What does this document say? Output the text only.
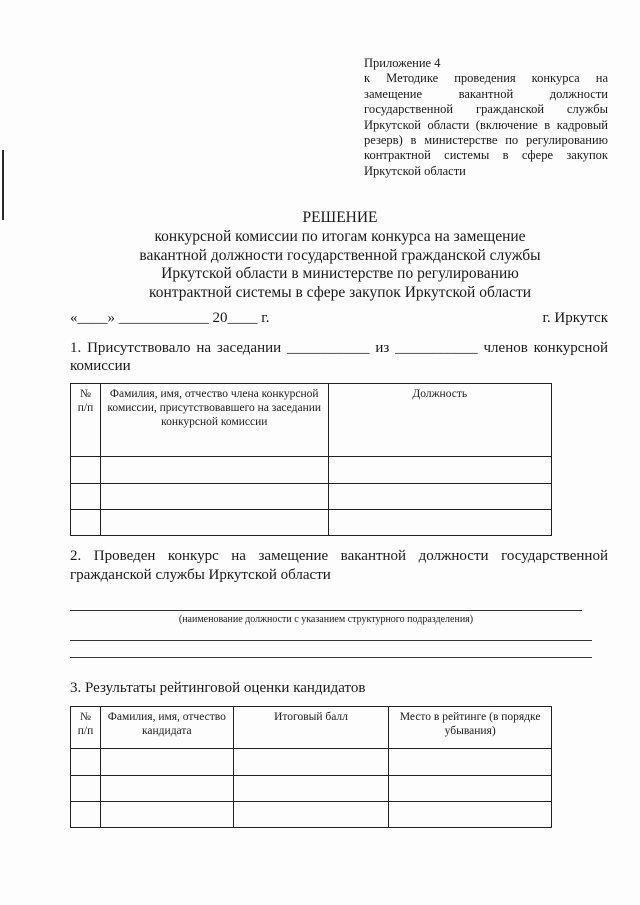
Приложение 4
к Методике проведения конкурса на замещение вакантной должности государственной гражданской службы Иркутской области (включение в кадровый резерв) в министерстве по регулированию контрактной системы в сфере закупок Иркутской области
РЕШЕНИЕ
конкурсной комиссии по итогам конкурса на замещение
вакантной должности государственной гражданской службы
Иркутской области в министерстве по регулированию
контрактной системы в сфере закупок Иркутской области
«____» ____________ 20____ г.	г. Иркутск
1. Присутствовало на заседании ___________ из ___________ членов конкурсной комиссии
№ п/п	Фамилия, имя, отчество члена конкурсной комиссии, присутствовавшего на заседании конкурсной комиссии	Должность

2. Проведен конкурс на замещение вакантной должности государственной гражданской службы Иркутской области
(наименование должности с указанием структурного подразделения)
3. Результаты рейтинговой оценки кандидатов
№ п/п	Фамилия, имя, отчество кандидата	Итоговый балл	Место в рейтинге (в порядке убывания)
